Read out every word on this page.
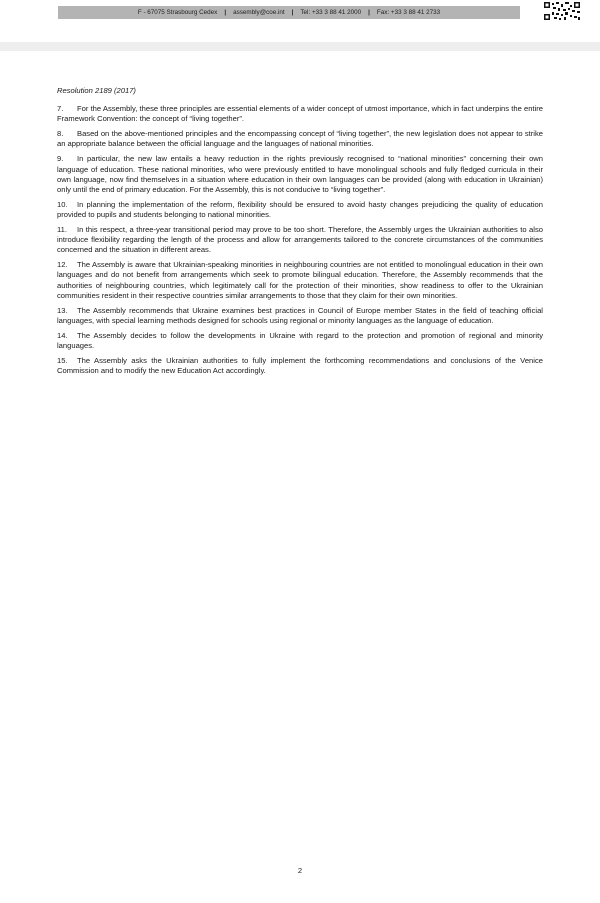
F - 67075 Strasbourg Cedex | assembly@coe.int | Tel: +33 3 88 41 2000 | Fax: +33 3 88 41 2733

Resolution 2189 (2017)

7. For the Assembly, these three principles are essential elements of a wider concept of utmost importance, which in fact underpins the entire Framework Convention: the concept of “living together”.

8. Based on the above-mentioned principles and the encompassing concept of “living together”, the new legislation does not appear to strike an appropriate balance between the official language and the languages of national minorities.

9. In particular, the new law entails a heavy reduction in the rights previously recognised to “national minorities” concerning their own language of education. These national minorities, who were previously entitled to have monolingual schools and fully fledged curricula in their own language, now find themselves in a situation where education in their own languages can be provided (along with education in Ukrainian) only until the end of primary education. For the Assembly, this is not conducive to “living together”.

10. In planning the implementation of the reform, flexibility should be ensured to avoid hasty changes prejudicing the quality of education provided to pupils and students belonging to national minorities.

11. In this respect, a three-year transitional period may prove to be too short. Therefore, the Assembly urges the Ukrainian authorities to also introduce flexibility regarding the length of the process and allow for arrangements tailored to the concrete circumstances of the communities concerned and the situation in different areas.

12. The Assembly is aware that Ukrainian-speaking minorities in neighbouring countries are not entitled to monolingual education in their own languages and do not benefit from arrangements which seek to promote bilingual education. Therefore, the Assembly recommends that the authorities of neighbouring countries, which legitimately call for the protection of their minorities, show readiness to offer to the Ukrainian communities resident in their respective countries similar arrangements to those that they claim for their own minorities.

13. The Assembly recommends that Ukraine examines best practices in Council of Europe member States in the field of teaching official languages, with special learning methods designed for schools using regional or minority languages as the language of education.

14. The Assembly decides to follow the developments in Ukraine with regard to the protection and promotion of regional and minority languages.

15. The Assembly asks the Ukrainian authorities to fully implement the forthcoming recommendations and conclusions of the Venice Commission and to modify the new Education Act accordingly.

2
